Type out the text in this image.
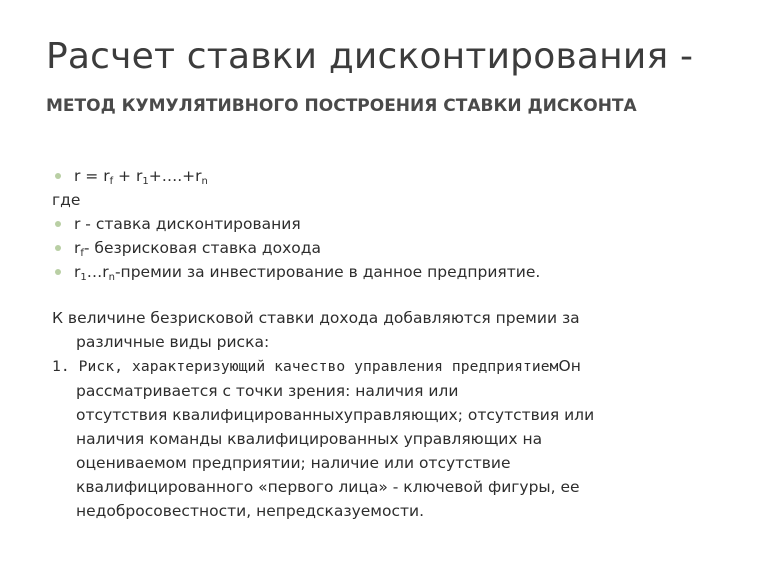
Расчет ставки дисконтирования -
МЕТОД КУМУЛЯТИВНОГО ПОСТРОЕНИЯ СТАВКИ ДИСКОНТА
$r = r_f$ + $r_1+\dots.+r_n$
где
r - ставка дисконтирования
$r_f-$ безрисковая ставка дохода
$r_1\dots r_n$-премии за инвестирование в данное предприятие.
К величине безрисковой ставки дохода добавляются премии за
различные виды риска:
1. Риск, характеризующий качество управления предприятиемОн
рассматривается с точки зрения: наличия или
отсутствия квалифицированныхуправляющих; отсутствия или
наличия команды квалифицированных управляющих на
оцениваемом предприятии; наличие или отсутствие
квалифицированного «первого лица» - ключевой фигуры, ее
недобросовестности, непредсказуемости.
